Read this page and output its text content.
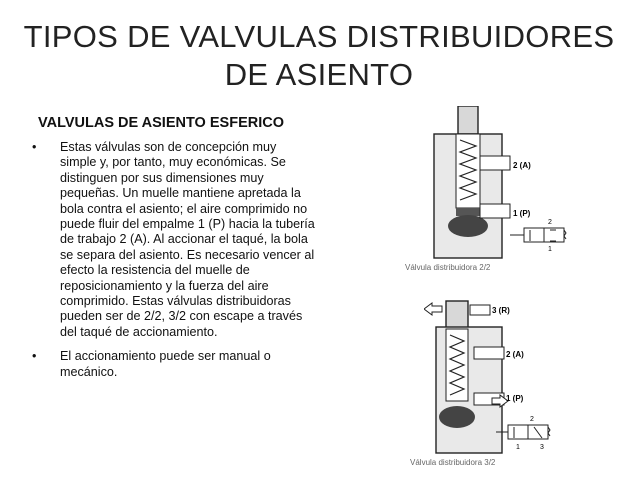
TIPOS DE VALVULAS DISTRIBUIDORES
DE ASIENTO
VALVULAS DE ASIENTO ESFERICO
• Estas válvulas son de concepción muy simple y, por tanto, muy económicas. Se distinguen por sus dimensiones muy pequeñas. Un muelle mantiene apretada la bola contra el asiento; el aire comprimido no puede fluir del empalme 1 (P) hacia la tubería de trabajo 2 (A). Al accionar el taqué, la bola se separa del asiento. Es necesario vencer al efecto la resistencia del muelle de reposicionamiento y la fuerza del aire comprimido. Estas válvulas distribuidoras pueden ser de 2/2, 3/2 con escape a través del taqué de accionamiento.
• El accionamiento puede ser manual o mecánico.
2 (A)
1 (P)
2
1
Válvula distribuidora 2/2
3 (R)
2 (A)
1 (P)
2
1	3
Válvula distribuidora 3/2
